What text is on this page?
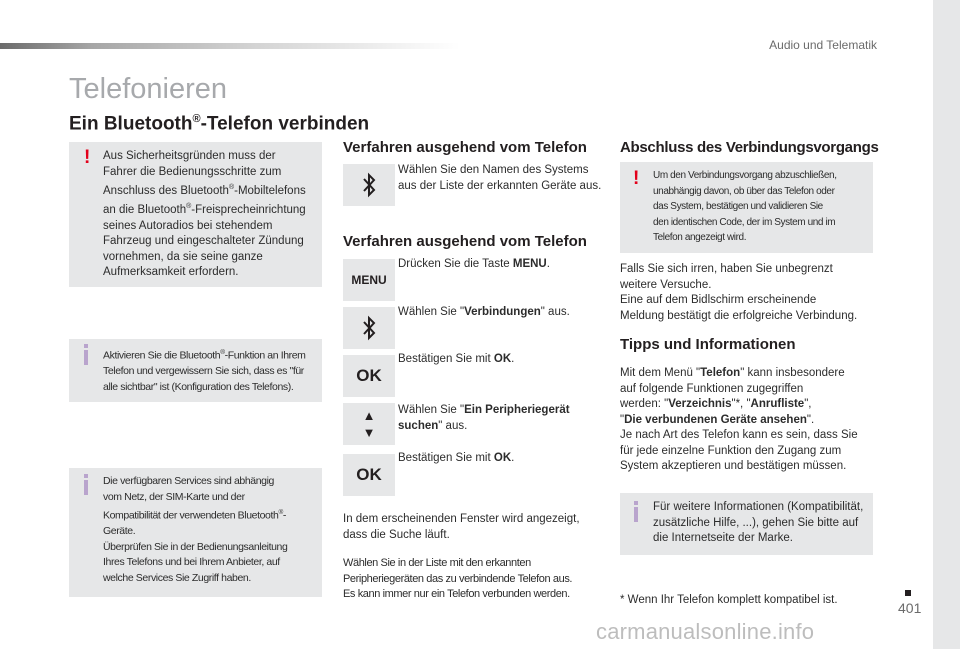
Audio und Telematik
Telefonieren
Ein Bluetooth®-Telefon verbinden
! Aus Sicherheitsgründen muss der
Fahrer die Bedienungsschritte zum
Anschluss des Bluetooth®-Mobiltelefons
an die Bluetooth®-Freisprecheinrichtung
seines Autoradios bei stehendem
Fahrzeug und eingeschalteter Zündung
vornehmen, da sie seine ganze
Aufmerksamkeit erfordern.
Aktivieren Sie die Bluetooth®-Funktion an Ihrem
Telefon und vergewissern Sie sich, dass es "für
alle sichtbar" ist (Konfiguration des Telefons).
Die verfügbaren Services sind abhängig
vom Netz, der SIM-Karte und der
Kompatibilität der verwendeten Bluetooth®-
Geräte.
Überprüfen Sie in der Bedienungsanleitung
Ihres Telefons und bei Ihrem Anbieter, auf
welche Services Sie Zugriff haben.
Verfahren ausgehend vom Telefon
Wählen Sie den Namen des Systems
aus der Liste der erkannten Geräte aus.
Verfahren ausgehend vom Telefon
MENU
Drücken Sie die Taste MENU.
Wählen Sie "Verbindungen" aus.
OK
Bestätigen Sie mit OK.
▲
▼
Wählen Sie "Ein Peripheriegerät
suchen" aus.
OK
Bestätigen Sie mit OK.
In dem erscheinenden Fenster wird angezeigt,
dass die Suche läuft.
Wählen Sie in der Liste mit den erkannten
Peripheriegeräten das zu verbindende Telefon aus.
Es kann immer nur ein Telefon verbunden werden.
Abschluss des Verbindungsvorgangs
! Um den Verbindungsvorgang abzuschließen,
unabhängig davon, ob über das Telefon oder
das System, bestätigen und validieren Sie
den identischen Code, der im System und im
Telefon angezeigt wird.
Falls Sie sich irren, haben Sie unbegrenzt
weitere Versuche.
Eine auf dem Bidlschirm erscheinende
Meldung bestätigt die erfolgreiche Verbindung.
Tipps und Informationen
Mit dem Menü "Telefon" kann insbesondere
auf folgende Funktionen zugegriffen
werden: "Verzeichnis"*, "Anrufliste",
"Die verbundenen Geräte ansehen".
Je nach Art des Telefon kann es sein, dass Sie
für jede einzelne Funktion den Zugang zum
System akzeptieren und bestätigen müssen.
Für weitere Informationen (Kompatibilität,
zusätzliche Hilfe, ...), gehen Sie bitte auf
die Internetseite der Marke.
* Wenn Ihr Telefon komplett kompatibel ist.	401
carmanualsonline.info
